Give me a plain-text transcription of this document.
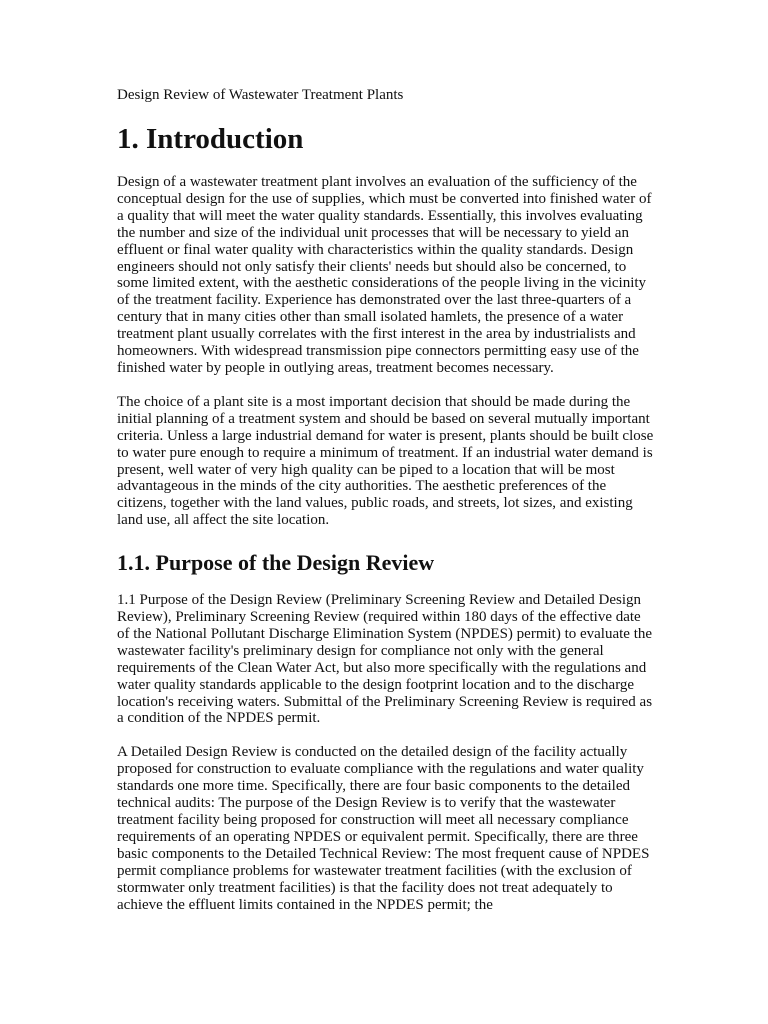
Design Review of Wastewater Treatment Plants
1. Introduction

Design of a wastewater treatment plant involves an evaluation of the sufficiency of the conceptual design for the use of supplies, which must be converted into finished water of a quality that will meet the water quality standards. Essentially, this involves evaluating the number and size of the individual unit processes that will be necessary to yield an effluent or final water quality with characteristics within the quality standards. Design engineers should not only satisfy their clients' needs but should also be concerned, to some limited extent, with the aesthetic considerations of the people living in the vicinity of the treatment facility. Experience has demonstrated over the last three-quarters of a century that in many cities other than small isolated hamlets, the presence of a water treatment plant usually correlates with the first interest in the area by industrialists and homeowners. With widespread transmission pipe connectors permitting easy use of the finished water by people in outlying areas, treatment becomes necessary.

The choice of a plant site is a most important decision that should be made during the initial planning of a treatment system and should be based on several mutually important criteria. Unless a large industrial demand for water is present, plants should be built close to water pure enough to require a minimum of treatment. If an industrial water demand is present, well water of very high quality can be piped to a location that will be most advantageous in the minds of the city authorities. The aesthetic preferences of the citizens, together with the land values, public roads, and streets, lot sizes, and existing land use, all affect the site location.

1.1. Purpose of the Design Review

1.1 Purpose of the Design Review (Preliminary Screening Review and Detailed Design Review), Preliminary Screening Review (required within 180 days of the effective date of the National Pollutant Discharge Elimination System (NPDES) permit) to evaluate the wastewater facility's preliminary design for compliance not only with the general requirements of the Clean Water Act, but also more specifically with the regulations and water quality standards applicable to the design footprint location and to the discharge location's receiving waters. Submittal of the Preliminary Screening Review is required as a condition of the NPDES permit.

A Detailed Design Review is conducted on the detailed design of the facility actually proposed for construction to evaluate compliance with the regulations and water quality standards one more time. Specifically, there are four basic components to the detailed technical audits: The purpose of the Design Review is to verify that the wastewater treatment facility being proposed for construction will meet all necessary compliance requirements of an operating NPDES or equivalent permit. Specifically, there are three basic components to the Detailed Technical Review: The most frequent cause of NPDES permit compliance problems for wastewater treatment facilities (with the exclusion of stormwater only treatment facilities) is that the facility does not treat adequately to achieve the effluent limits contained in the NPDES permit; the
